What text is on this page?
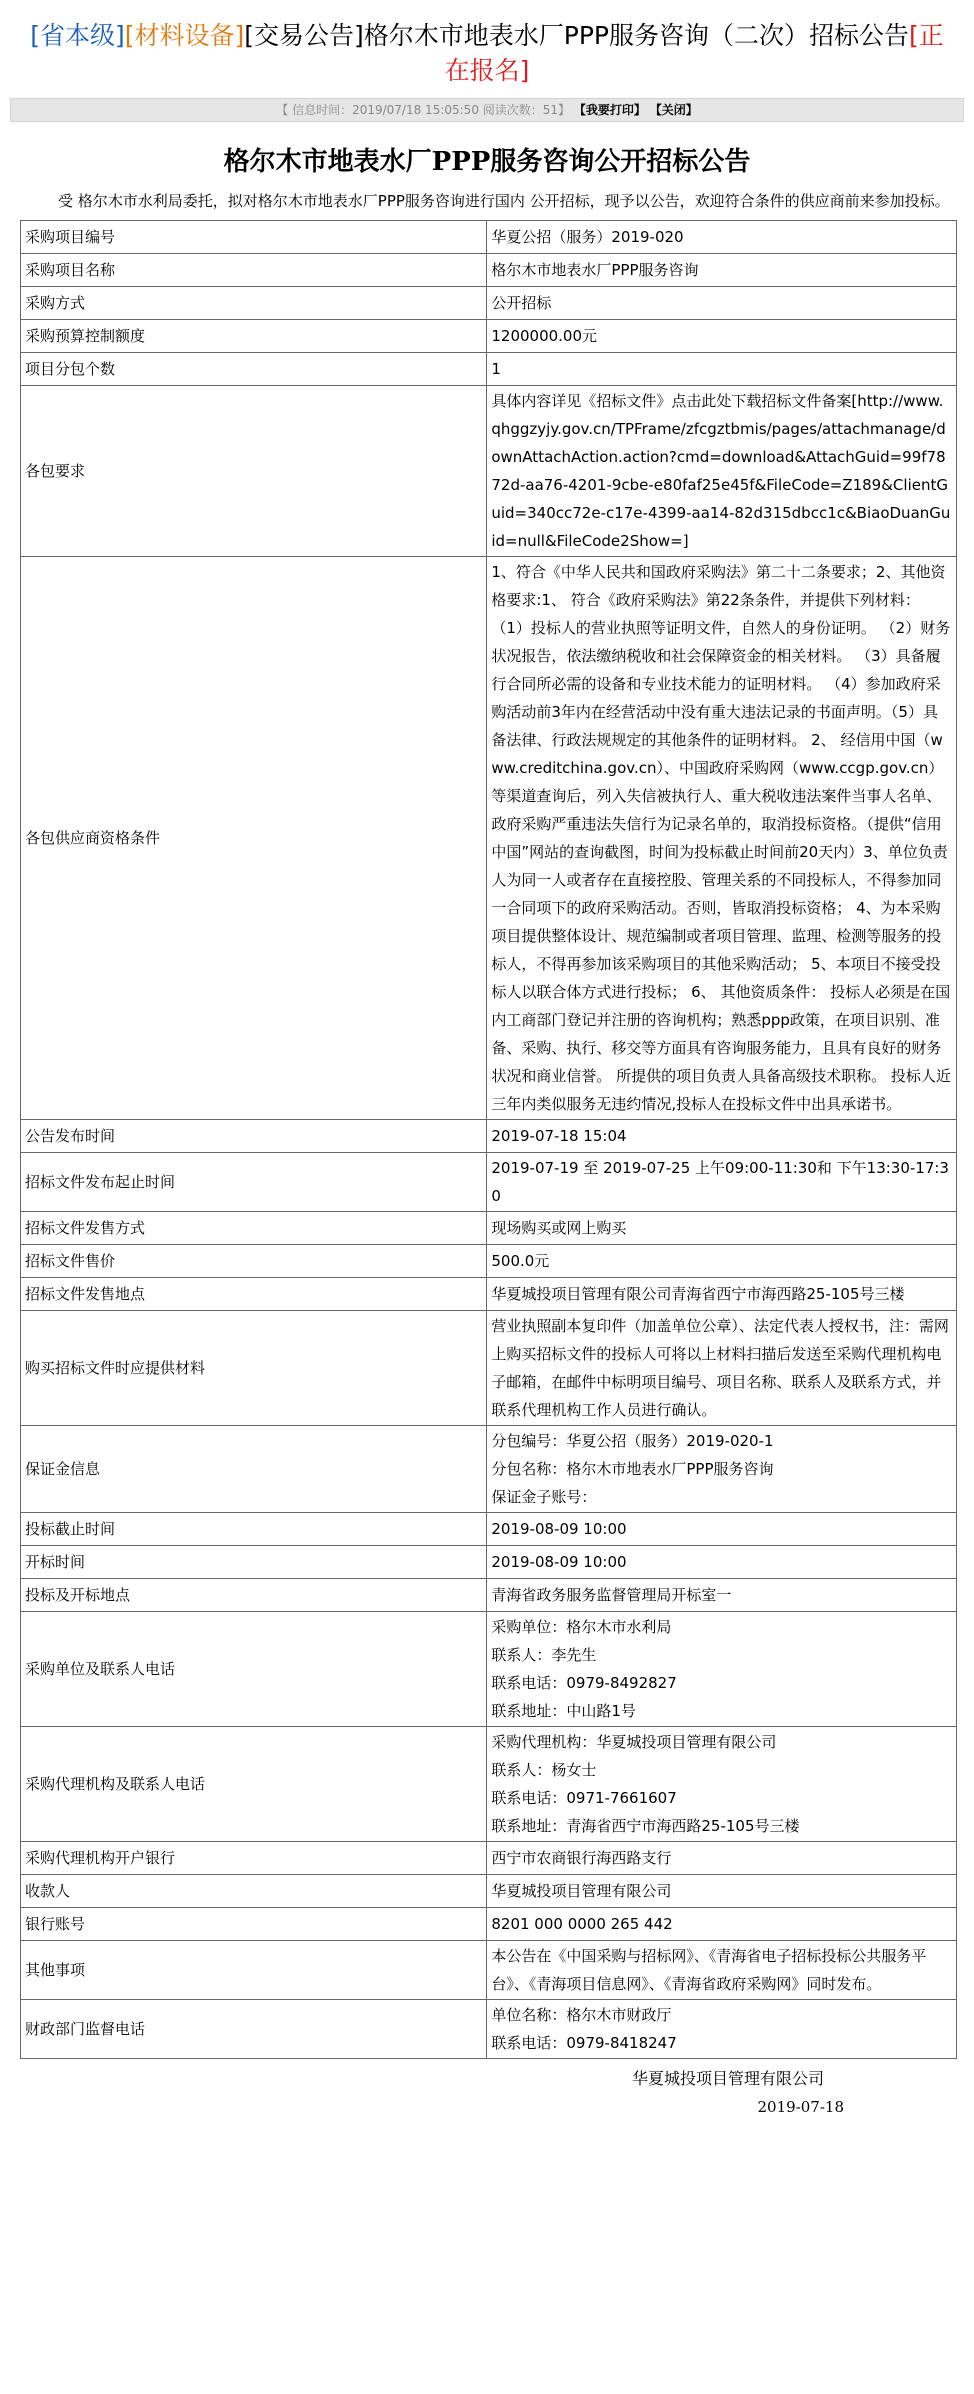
[省本级][材料设备][交易公告]格尔木市地表水厂PPP服务咨询（二次）招标公告[正在报名]
【 信息时间：2019/07/18 15:05:50 阅读次数：51】 【我要打印】 【关闭】
格尔木市地表水厂PPP服务咨询公开招标公告
受 格尔木市水利局委托，拟对格尔木市地表水厂PPP服务咨询进行国内 公开招标，现予以公告，欢迎符合条件的供应商前来参加投标。
采购项目编号	华夏公招（服务）2019-020

采购项目名称	格尔木市地表水厂PPP服务咨询

采购方式	公开招标

采购预算控制额度	1200000.00元

项目分包个数	1

各包要求	具体内容详见《招标文件》点击此处下载招标文件备案[http://www.qhggzyjy.gov.cn/TPFrame/zfcgztbmis/pages/attachmanage/downAttachAction.action?cmd=download&AttachGuid=99f7872d-aa76-4201-9cbe-e80faf25e45f&FileCode=Z189&ClientGuid=340cc72e-c17e-4399-aa14-82d315dbcc1c&BiaoDuanGuid=null&FileCode2Show=]

各包供应商资格条件	1、符合《中华人民共和国政府采购法》第二十二条要求；2、其他资格要求:1、 符合《政府采购法》第22条条件，并提供下列材料： （1）投标人的营业执照等证明文件，自然人的身份证明。 （2）财务状况报告，依法缴纳税收和社会保障资金的相关材料。 （3）具备履行合同所必需的设备和专业技术能力的证明材料。 （4）参加政府采购活动前3年内在经营活动中没有重大违法记录的书面声明。（5）具备法律、行政法规规定的其他条件的证明材料。 2、 经信用中国（www.creditchina.gov.cn）、中国政府采购网（www.ccgp.gov.cn）等渠道查询后，列入失信被执行人、重大税收违法案件当事人名单、政府采购严重违法失信行为记录名单的，取消投标资格。（提供“信用中国”网站的查询截图，时间为投标截止时间前20天内）3、单位负责人为同一人或者存在直接控股、管理关系的不同投标人，不得参加同一合同项下的政府采购活动。否则，皆取消投标资格； 4、为本采购项目提供整体设计、规范编制或者项目管理、监理、检测等服务的投标人，不得再参加该采购项目的其他采购活动； 5、本项目不接受投标人以联合体方式进行投标； 6、 其他资质条件： 投标人必须是在国内工商部门登记并注册的咨询机构；熟悉ppp政策，在项目识别、准备、采购、执行、移交等方面具有咨询服务能力，且具有良好的财务状况和商业信誉。 所提供的项目负责人具备高级技术职称。 投标人近三年内类似服务无违约情况,投标人在投标文件中出具承诺书。

公告发布时间	2019-07-18 15:04

招标文件发布起止时间	2019-07-19 至 2019-07-25 上午09:00-11:30和 下午13:30-17:30

招标文件发售方式	现场购买或网上购买

招标文件售价	500.0元

招标文件发售地点	华夏城投项目管理有限公司青海省西宁市海西路25-105号三楼

购买招标文件时应提供材料	营业执照副本复印件（加盖单位公章）、法定代表人授权书，注：需网上购买招标文件的投标人可将以上材料扫描后发送至采购代理机构电子邮箱，在邮件中标明项目编号、项目名称、联系人及联系方式，并联系代理机构工作人员进行确认。

保证金信息	分包编号：华夏公招（服务）2019-020-1
分包名称：格尔木市地表水厂PPP服务咨询
保证金子账号：

投标截止时间	2019-08-09 10:00

开标时间	2019-08-09 10:00

投标及开标地点	青海省政务服务监督管理局开标室一

采购单位及联系人电话	采购单位：格尔木市水利局
联系人：李先生
联系电话：0979-8492827
联系地址：中山路1号

采购代理机构及联系人电话	采购代理机构：华夏城投项目管理有限公司
联系人：杨女士
联系电话：0971-7661607
联系地址：青海省西宁市海西路25-105号三楼

采购代理机构开户银行	西宁市农商银行海西路支行

收款人	华夏城投项目管理有限公司

银行账号	8201 000 0000 265 442

其他事项	本公告在《中国采购与招标网》、《青海省电子招标投标公共服务平台》、《青海项目信息网》、《青海省政府采购网》同时发布。

财政部门监督电话	单位名称：格尔木市财政厅
联系电话：0979-8418247
华夏城投项目管理有限公司
2019-07-18
